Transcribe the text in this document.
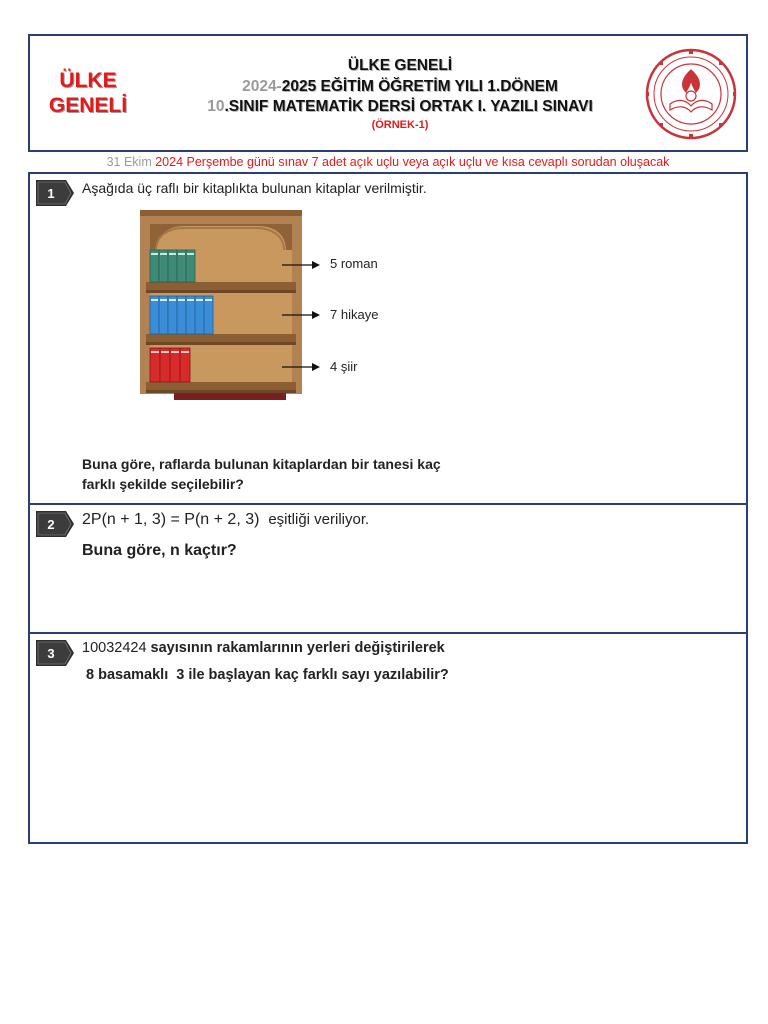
ÜLKE
GENELİ
ÜLKE GENELİ
2024-2025 EĞİTİM ÖĞRETİM YILI 1.DÖNEM
10.SINIF MATEMATİK DERSİ ORTAK I. YAZILI SINAVI
(ÖRNEK-1)
31 Ekim 2024 Perşembe günü sınav 7 adet açık uçlu veya açık uçlu ve kısa cevaplı sorudan oluşacak
1 Aşağıda üç raflı bir kitaplıkta bulunan kitaplar verilmiştir.
5 roman
7 hikaye
4 şiir
Buna göre, raflarda bulunan kitaplardan bir tanesi kaç
farklı şekilde seçilebilir?
2 2P(n + 1, 3) = P(n + 2, 3) eşitliği veriliyor.
Buna göre, n kaçtır?
3 10032424 sayısının rakamlarının yerleri değiştirilerek
8 basamaklı 3 ile başlayan kaç farklı sayı yazılabilir?
